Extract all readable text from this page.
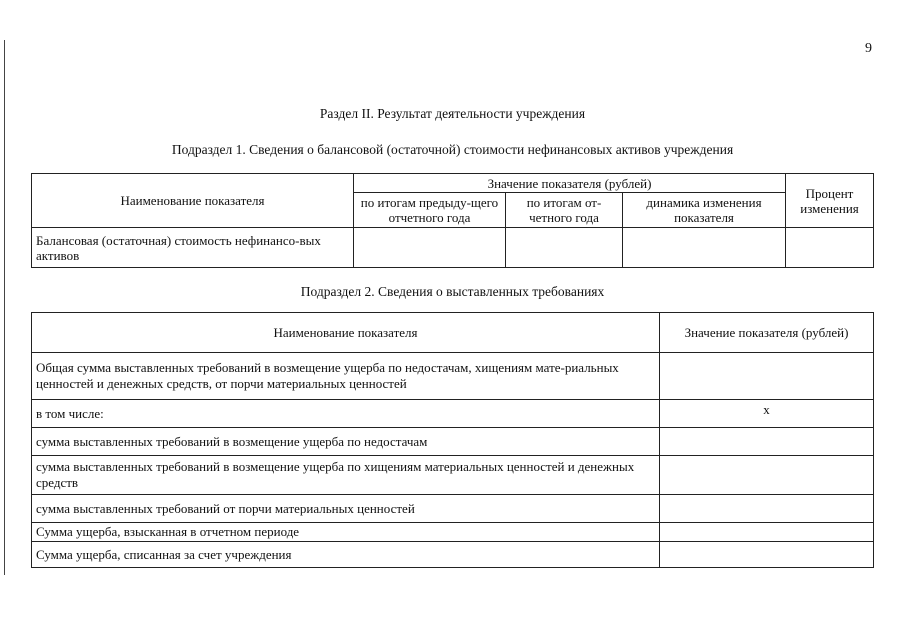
9
Раздел II. Результат деятельности учреждения
Подраздел 1. Сведения о балансовой (остаточной) стоимости нефинансовых активов учреждения
Наименование показателя	Значение показателя (рублей)			Процент изменения
	по итогам предыду-щего отчетного года	по итогам от-четного года	динамика изменения показателя	
Балансовая (остаточная) стоимость нефинансо-вых активов				
Подраздел 2. Сведения о выставленных требованиях
Наименование показателя	Значение показателя (рублей)
Общая сумма выставленных требований в возмещение ущерба по недостачам, хищениям мате-риальных ценностей и денежных средств, от порчи материальных ценностей	
в том числе:	x
сумма выставленных требований в возмещение ущерба по недостачам	
сумма выставленных требований в возмещение ущерба по хищениям материальных ценностей и денежных средств	
сумма выставленных требований от порчи материальных ценностей	
Сумма ущерба, взысканная в отчетном периоде	
Сумма ущерба, списанная за счет учреждения	
